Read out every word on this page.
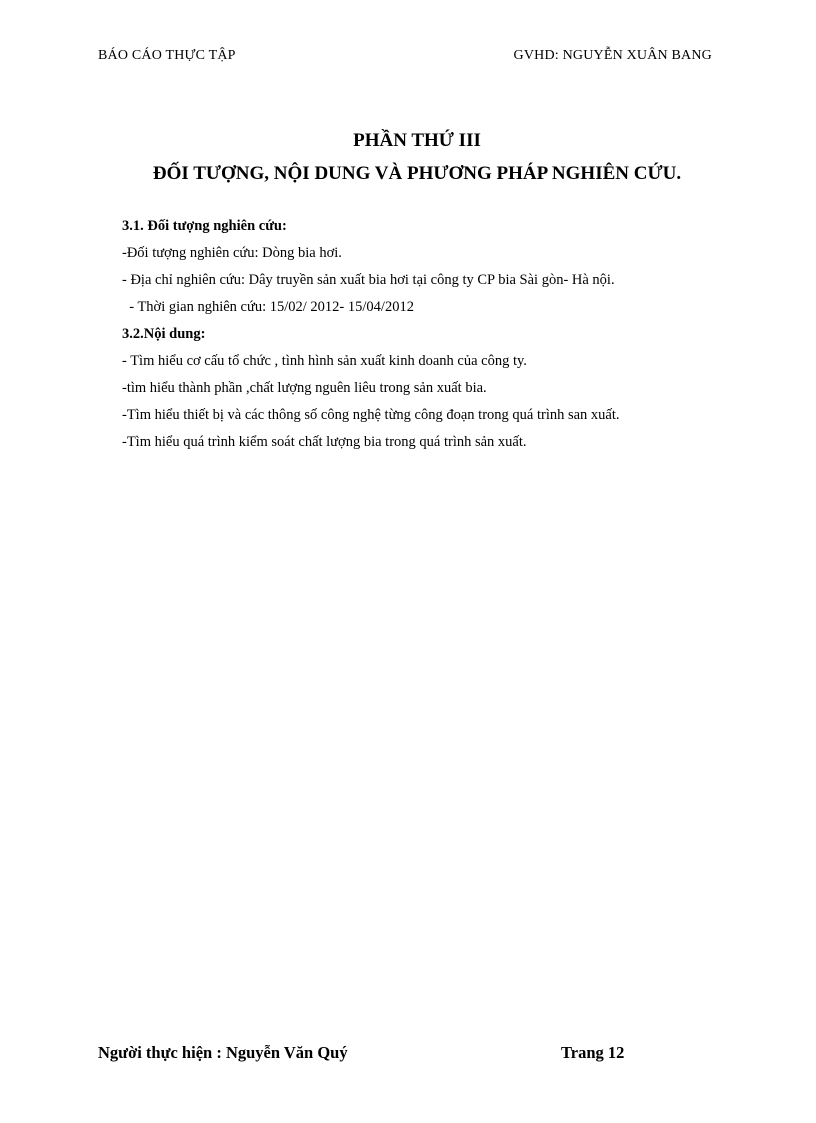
BÁO CÁO THỰC TẬP	GVHD: NGUYỄN XUÂN BANG
PHẦN THỨ III
ĐỐI TƯỢNG, NỘI DUNG VÀ PHƯƠNG PHÁP NGHIÊN CỨU.

3.1. Đối tượng nghiên cứu:

-Đối tượng nghiên cứu: Dòng bia hơi.

- Địa chỉ nghiên cứu: Dây truyền sản xuất bia hơi tại công ty CP bia Sài gòn- Hà nội.

- Thời gian nghiên cứu: 15/02/ 2012- 15/04/2012

3.2.Nội dung:

- Tìm hiểu cơ cấu tổ chức , tình hình sản xuất kinh doanh của công ty.

-tìm hiểu thành phần ,chất lượng nguên liêu trong sản xuất bia.

-Tìm hiểu thiết bị và các thông số công nghệ từng công đoạn trong quá trình san xuất.

-Tìm hiểu quá trình kiểm soát chất lượng bia trong quá trình sản xuất.

Người thực hiện : Nguyễn Văn Quý	Trang 12
